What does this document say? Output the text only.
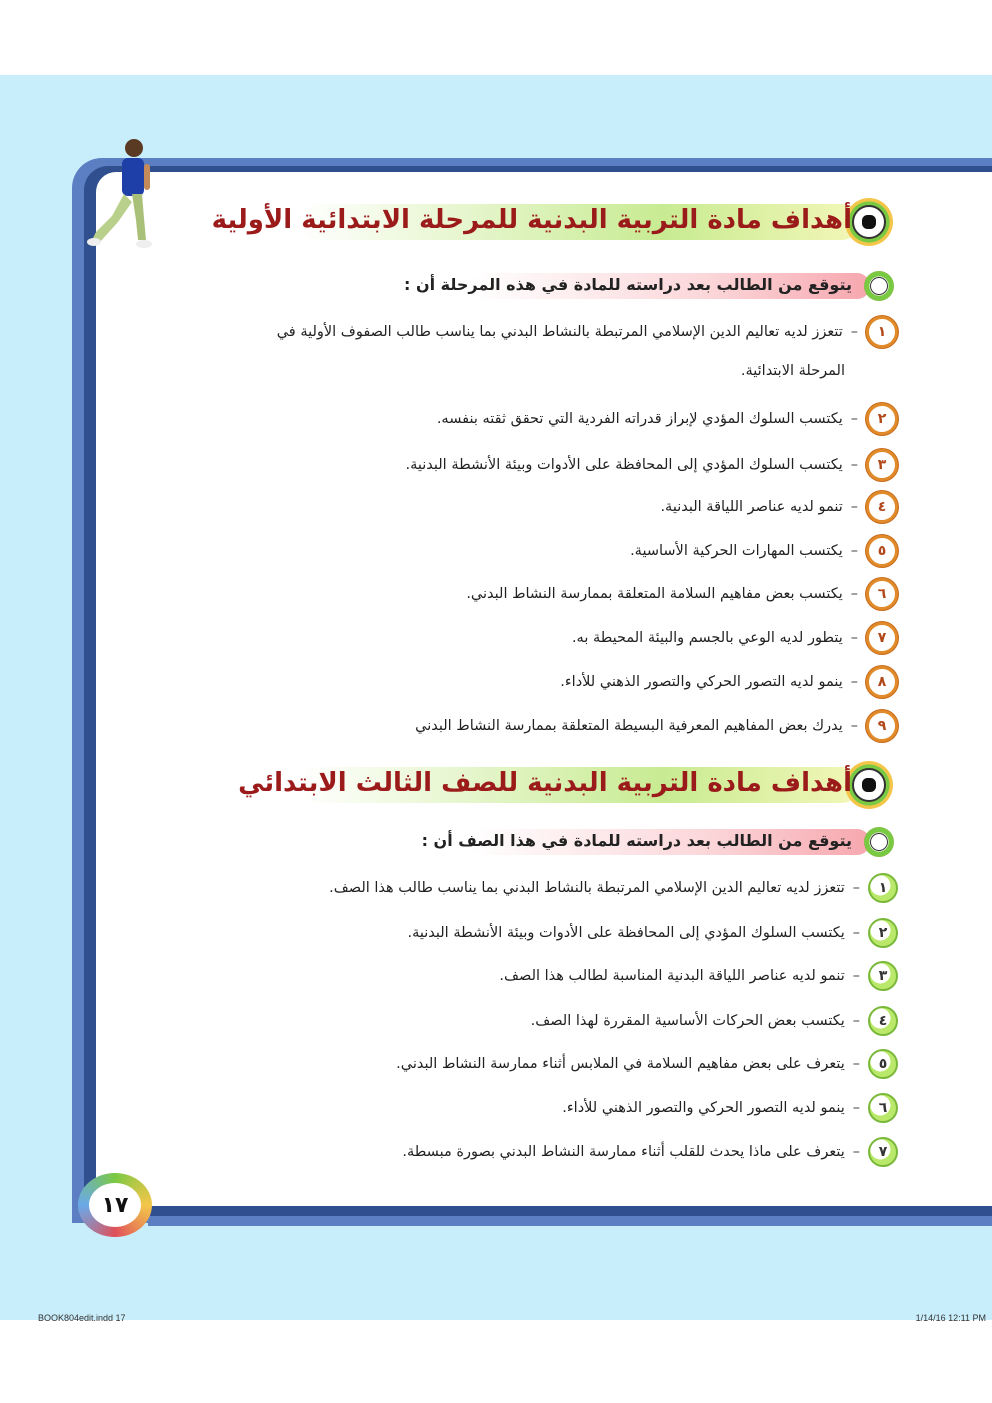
أهداف مادة التربية البدنية للمرحلة الابتدائية الأولية
يتوقع من الطالب بعد دراسته للمادة في هذه المرحلة أن :
١
–
تتعزز لديه تعاليم الدين الإسلامي المرتبطة بالنشاط البدني بما يناسب طالب الصفوف الأولية في
المرحلة الابتدائية.
٢
–
يكتسب السلوك المؤدي لإبراز قدراته الفردية التي تحقق ثقته بنفسه.
٣
–
يكتسب السلوك المؤدي إلى المحافظة على الأدوات وبيئة الأنشطة البدنية.
٤
–
تنمو لديه عناصر اللياقة البدنية.
٥
–
يكتسب المهارات الحركية الأساسية.
٦
–
يكتسب بعض مفاهيم السلامة المتعلقة بممارسة النشاط البدني.
٧
–
يتطور لديه الوعي بالجسم والبيئة المحيطة به.
٨
–
ينمو لديه التصور الحركي والتصور الذهني للأداء.
٩
–
يدرك بعض المفاهيم المعرفية البسيطة المتعلقة بممارسة النشاط البدني
أهداف مادة التربية البدنية للصف الثالث الابتدائي
يتوقع من الطالب بعد دراسته للمادة في هذا الصف أن :
١
–
تتعزز لديه تعاليم الدين الإسلامي المرتبطة بالنشاط البدني بما يناسب طالب هذا الصف.
٢
–
يكتسب السلوك المؤدي إلى المحافظة على الأدوات وبيئة الأنشطة البدنية.
٣
–
تنمو لديه عناصر اللياقة البدنية المناسبة لطالب هذا الصف.
٤
–
يكتسب بعض الحركات الأساسية المقررة لهذا الصف.
٥
–
يتعرف على بعض مفاهيم السلامة في الملابس أثناء ممارسة النشاط البدني.
٦
–
ينمو لديه التصور الحركي والتصور الذهني للأداء.
٧
–
يتعرف على ماذا يحدث للقلب أثناء ممارسة النشاط البدني بصورة مبسطة.
١٧
BOOK804edit.indd 17	1/14/16 12:11 PM
